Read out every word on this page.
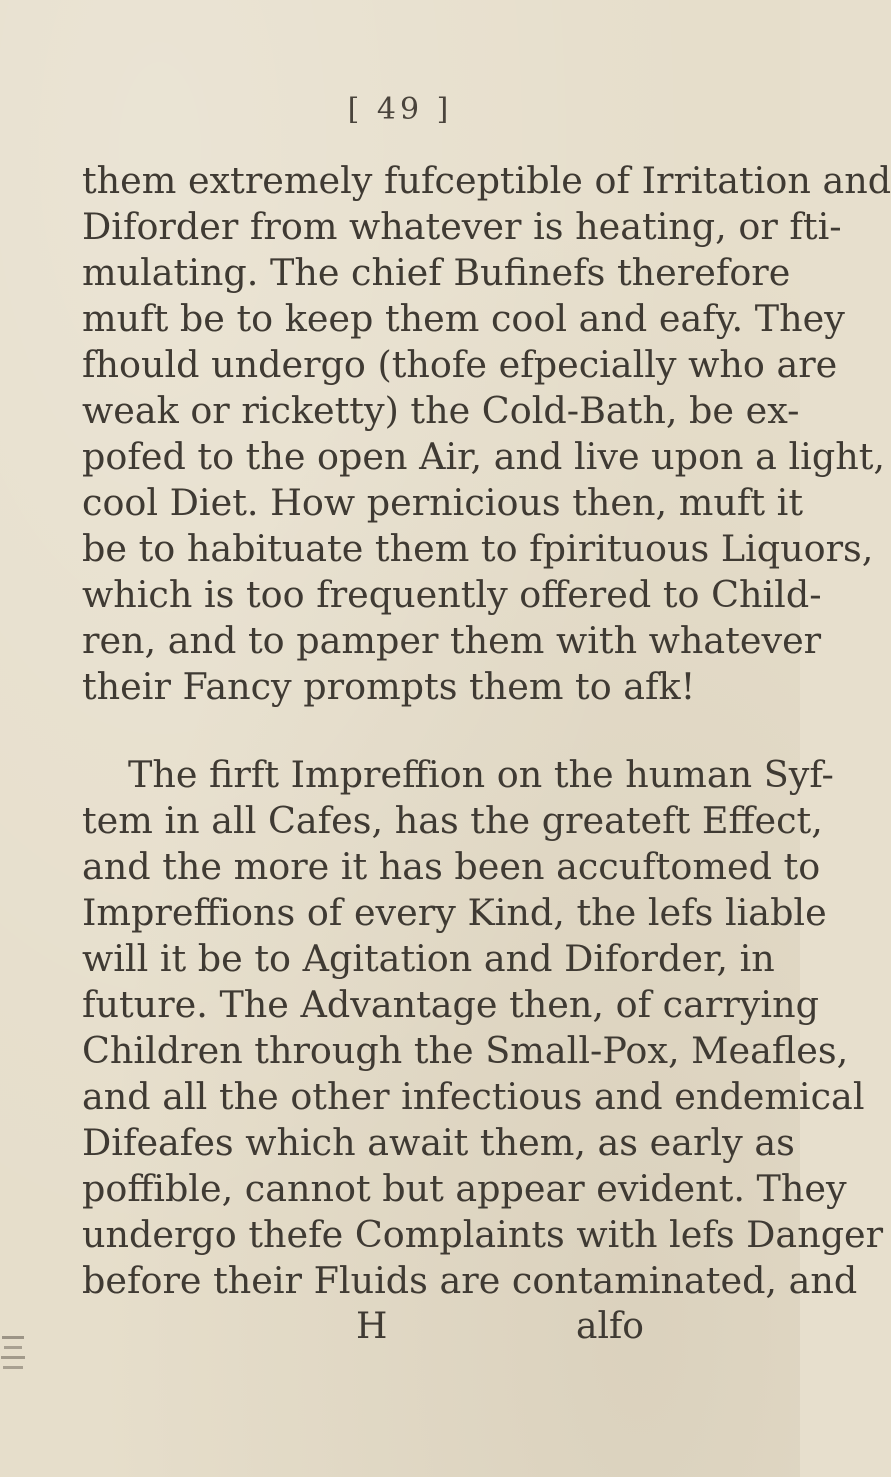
[ 49 ]
them extremely fufceptible of Irritation and
Diforder from whatever is heating, or fti-
mulating. The chief Bufinefs therefore
muft be to keep them cool and eafy. They
fhould undergo (thofe efpecially who are
weak or ricketty) the Cold-Bath, be ex-
pofed to the open Air, and live upon a light,
cool Diet. How pernicious then, muft it
be to habituate them to fpirituous Liquors,
which is too frequently offered to Child-
ren, and to pamper them with whatever
their Fancy prompts them to afk!
The firft Impreffion on the human Syf-
tem in all Cafes, has the greateft Effect,
and the more it has been accuftomed to
Impreffions of every Kind, the lefs liable
will it be to Agitation and Diforder, in
future. The Advantage then, of carrying
Children through the Small-Pox, Meafles,
and all the other infectious and endemical
Difeafes which await them, as early as
poffible, cannot but appear evident. They
undergo thefe Complaints with lefs Danger
before their Fluids are contaminated, and
H	alfo
